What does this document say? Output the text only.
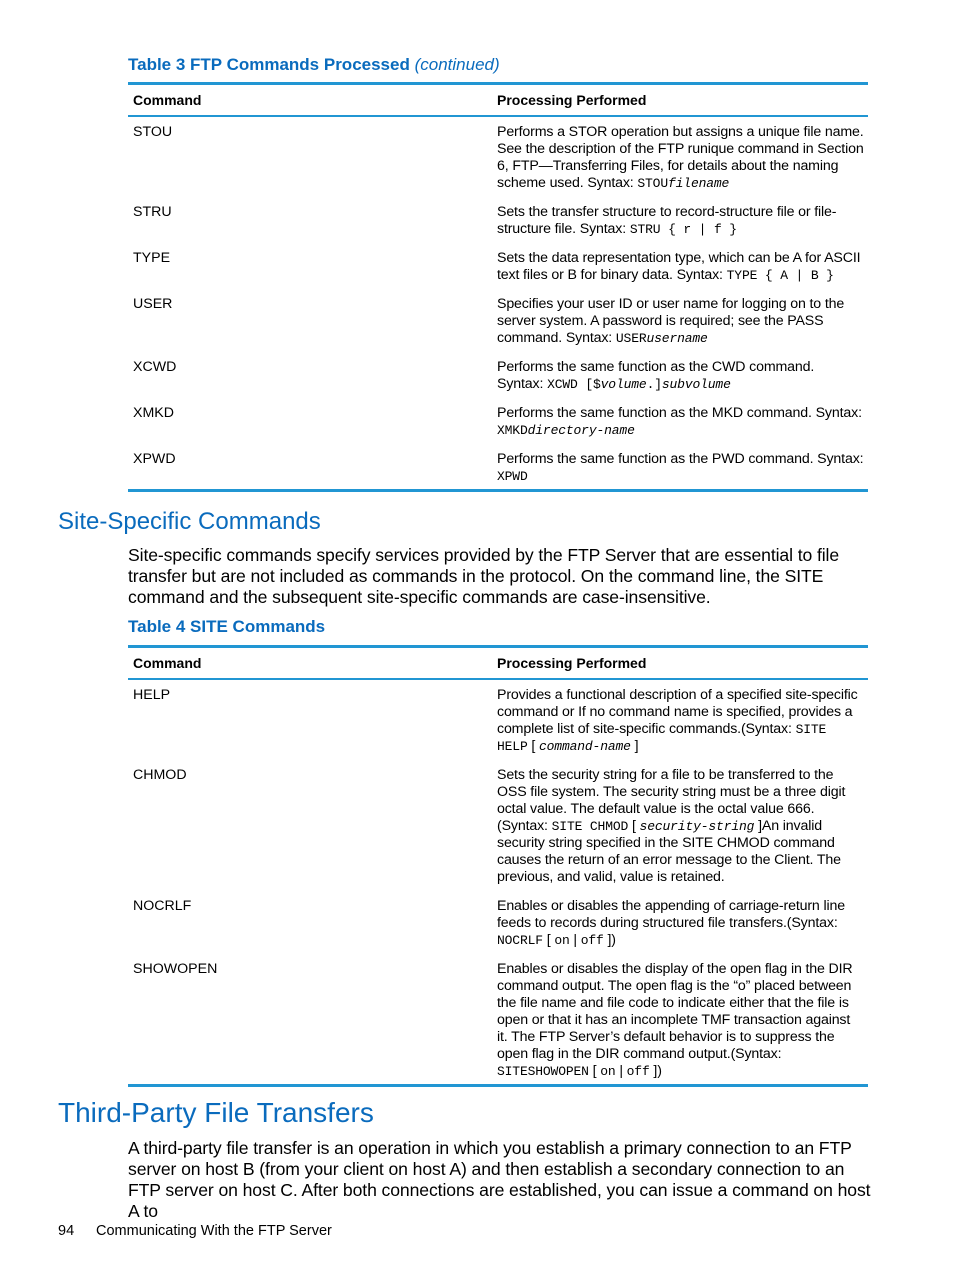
Table 3 FTP Commands Processed (continued)
Command	Processing Performed
STOU	Performs a STOR operation but assigns a unique file name. See the description of the FTP runique command in Section 6, FTP—Transferring Files, for details about the naming scheme used. Syntax: STOUfilename
STRU	Sets the transfer structure to record-structure file or file-structure file. Syntax: STRU { r | f }
TYPE	Sets the data representation type, which can be A for ASCII text files or B for binary data. Syntax: TYPE { A | B }
USER	Specifies your user ID or user name for logging on to the server system. A password is required; see the PASS command. Syntax: USERusername
XCWD	Performs the same function as the CWD command. Syntax: XCWD [$volume.]subvolume
XMKD	Performs the same function as the MKD command. Syntax: XMKDdirectory-name
XPWD	Performs the same function as the PWD command. Syntax: XPWD
Site-Specific Commands

Site-specific commands specify services provided by the FTP Server that are essential to file transfer but are not included as commands in the protocol. On the command line, the SITE command and the subsequent site-specific commands are case-insensitive.

Table 4 SITE Commands
Command	Processing Performed
HELP	Provides a functional description of a specified site-specific command or If no command name is specified, provides a complete list of site-specific commands.(Syntax: SITE HELP [ command-name ]
CHMOD	Sets the security string for a file to be transferred to the OSS file system. The security string must be a three digit octal value. The default value is the octal value 666.(Syntax: SITE CHMOD [ security-string ]An invalid security string specified in the SITE CHMOD command causes the return of an error message to the Client. The previous, and valid, value is retained.
NOCRLF	Enables or disables the appending of carriage-return line feeds to records during structured file transfers.(Syntax: NOCRLF [ on | off ])
SHOWOPEN	Enables or disables the display of the open flag in the DIR command output. The open flag is the “o” placed between the file name and file code to indicate either that the file is open or that it has an incomplete TMF transaction against it. The FTP Server’s default behavior is to suppress the open flag in the DIR command output.(Syntax: SITESHOWOPEN [ on | off ])
Third-Party File Transfers

A third-party file transfer is an operation in which you establish a primary connection to an FTP server on host B (from your client on host A) and then establish a secondary connection to an FTP server on host C. After both connections are established, you can issue a command on host A to

94 Communicating With the FTP Server
